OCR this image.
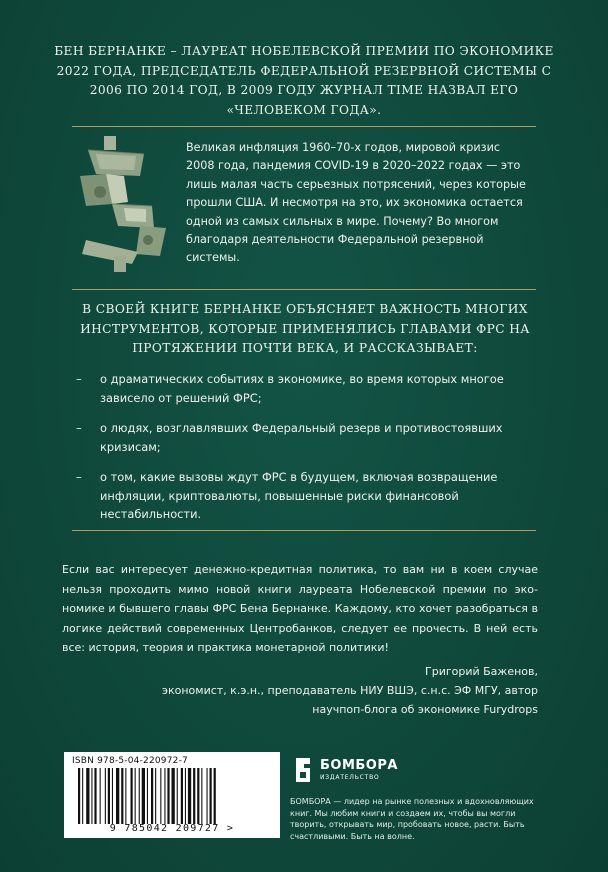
БЕН БЕРНАНКЕ – ЛАУРЕАТ НОБЕЛЕВСКОЙ ПРЕМИИ ПО ЭКОНОМИКЕ 2022 ГОДА, ПРЕДСЕДАТЕЛЬ ФЕДЕРАЛЬНОЙ РЕЗЕРВНОЙ СИСТЕМЫ С 2006 ПО 2014 ГОД, В 2009 ГОДУ ЖУРНАЛ TIME НАЗВАЛ ЕГО «ЧЕЛОВЕКОМ ГОДА».
Великая инфляция 1960–70-х годов, мировой кризис 2008 года, пандемия COVID-19 в 2020–2022 годах — это лишь малая часть серьезных потрясений, через которые прошли США. И несмотря на это, их экономика остается одной из самых сильных в мире. Почему? Во многом благодаря деятельности Федеральной резервной системы.
В СВОЕЙ КНИГЕ БЕРНАНКЕ ОБЪЯСНЯЕТ ВАЖНОСТЬ МНОГИХ ИНСТРУМЕНТОВ, КОТОРЫЕ ПРИМЕНЯЛИСЬ ГЛАВАМИ ФРС НА ПРОТЯЖЕНИИ ПОЧТИ ВЕКА, И РАССКАЗЫВАЕТ:
– о драматических событиях в экономике, во время которых многое зависело от решений ФРС;
– о людях, возглавлявших Федеральный резерв и противостоявших кризисам;
– о том, какие вызовы ждут ФРС в будущем, включая возвращение инфляции, криптовалюты, повышенные риски финансовой нестабильности.
Если вас интересует денежно-кредитная политика, то вам ни в коем случае нельзя проходить мимо новой книги лауреата Нобелевской премии по эко- номике и бывшего главы ФРС Бена Бернанке. Каждому, кто хочет разобраться в логике действий современных Центробанков, следует ее прочесть. В ней есть все: история, теория и практика монетарной политики!
Григорий Баженов,
экономист, к.э.н., преподаватель НИУ ВШЭ, с.н.с. ЭФ МГУ, автор
научпоп-блога об экономике Furydrops
ISBN 978-5-04-220972-7
9 785042 209727 >
БОМБОРА
ИЗДАТЕЛЬСТВО
БОМБОРА — лидер на рынке полезных и вдохновляющих книг. Мы любим книги и создаем их, чтобы вы могли творить, открывать мир, пробовать новое, расти. Быть счастливыми. Быть на волне.
